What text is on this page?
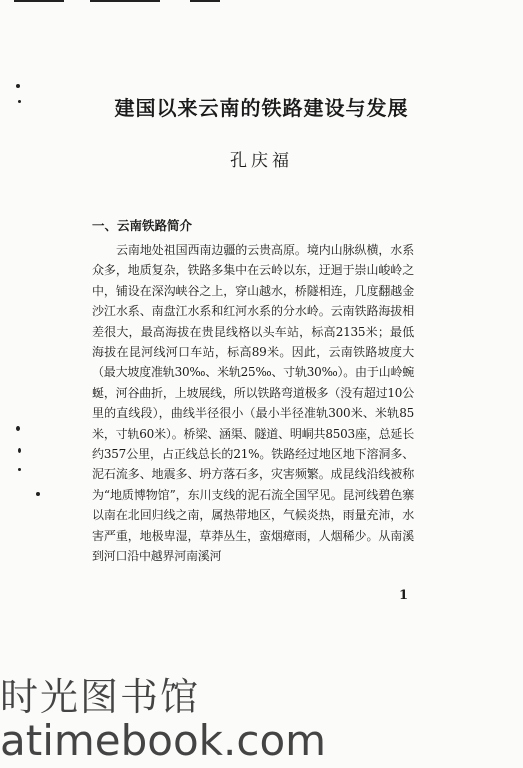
建国以来云南的铁路建设与发展
孔庆福
一、云南铁路简介

云南地处祖国西南边疆的云贵高原。境内山脉纵横，水系众多，地质复杂，铁路多集中在云岭以东，迂迴于崇山峻岭之中，铺设在深沟峡谷之上，穿山越水，桥隧相连，几度翻越金沙江水系、南盘江水系和红河水系的分水岭。云南铁路海拔相差很大，最高海拔在贵昆线格以头车站，标高2135米；最低海拔在昆河线河口车站，标高89米。因此，云南铁路坡度大（最大坡度准轨30‰、米轨25‰、寸轨30‰）。由于山岭蜿蜒，河谷曲折，上坡展线，所以铁路弯道极多（没有超过10公里的直线段），曲线半径很小（最小半径准轨300米、米轨85米，寸轨60米）。桥梁、涵渠、隧道、明峒共8503座，总延长约357公里，占正线总长的21%。铁路经过地区地下溶洞多、泥石流多、地震多、坍方落石多，灾害频繁。成昆线沿线被称为“地质博物馆”，东川支线的泥石流全国罕见。昆河线碧色寨以南在北回归线之南，属热带地区，气候炎热，雨量充沛，水害严重，地极卑湿，草莽丛生，蛮烟瘴雨，人烟稀少。从南溪到河口沿中越界河南溪河

1
时光图书馆
atimebook.com
